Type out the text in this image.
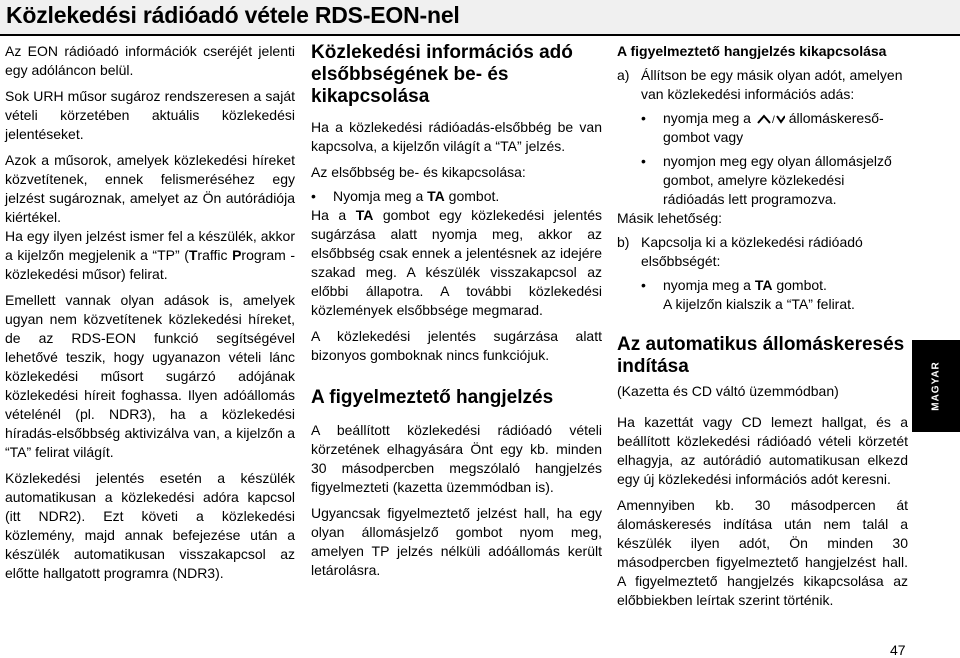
Közlekedési rádióadó vétele RDS-EON-nel

Az EON rádióadó információk cseréjét jelenti egy adóláncon belül.

Sok URH műsor sugároz rendszeresen a saját vételi körzetében aktuális közlekedési jelentéseket.

Azok a műsorok, amelyek közlekedési híreket közvetítenek, ennek felismeréséhez egy jelzést sugároznak, amelyet az Ön autórádiója kiértékel.

Ha egy ilyen jelzést ismer fel a készülék, akkor a kijelzőn megjelenik a “TP” (Traffic Program - közlekedési műsor) felirat.

Emellett vannak olyan adások is, amelyek ugyan nem közvetítenek közlekedési híreket, de az RDS-EON funkció segítségével lehetővé teszik, hogy ugyanazon vételi lánc közlekedési műsort sugárzó adójának közlekedési híreit foghassa. Ilyen adóállomás vételénél (pl. NDR3), ha a közlekedési híradás-elsőbbség aktivizálva van, a kijelzőn a “TA” felirat világít.

Közlekedési jelentés esetén a készülék automatikusan a közlekedési adóra kapcsol (itt NDR2). Ezt követi a közlekedési közlemény, majd annak befejezése után a készülék automatikusan visszakapcsol az előtte hallgatott programra (NDR3).

Közlekedési információs adó elsőbbségének be- és kikapcsolása

Ha a közlekedési rádióadás-elsőbbég be van kapcsolva, a kijelzőn világít a “TA” jelzés.

Az elsőbbség be- és kikapcsolása:

•	Nyomja meg a TA gombot.

Ha a TA gombot egy közlekedési jelentés sugárzása alatt nyomja meg, akkor az elsőbbség csak ennek a jelentésnek az idejére szakad meg. A készülék visszakapcsol az előbbi állapotra. A további közlekedési közlemények elsőbbsége megmarad.

A közlekedési jelentés sugárzása alatt bizonyos gomboknak nincs funkciójuk.

A figyelmeztető hangjelzés

A beállított közlekedési rádióadó vételi körzetének elhagyására Önt egy kb. minden 30 másodpercben megszólaló hangjelzés figyelmezteti (kazetta üzemmódban is).

Ugyancsak figyelmeztető jelzést hall, ha egy olyan állomásjelző gombot nyom meg, amelyen TP jelzés nélküli adóállomás került letárolásra.

A figyelmeztető hangjelzés kikapcsolása
a) Állítson be egy másik olyan adót, amelyen van közlekedési információs adás:
•	nyomja meg a / állomáskereső-gombot vagy
•	nyomjon meg egy olyan állomásjelző gombot, amelyre közlekedési rádióadás lett programozva.

Másik lehetőség:

b) Kapcsolja ki a közlekedési rádióadó elsőbbségét:
•	nyomja meg a TA gombot.
A kijelzőn kialszik a “TA” felirat.
Az automatikus állomáskeresés indítása

(Kazetta és CD váltó üzemmódban)

Ha kazettát vagy CD lemezt hallgat, és a beállított közlekedési rádióadó vételi körzetét elhagyja, az autórádió automatikusan elkezd egy új közlekedési információs adót keresni.

Amennyiben kb. 30 másodpercen át álomáskeresés indítása után nem talál a készülék ilyen adót, Ön minden 30 másodpercben figyelmeztető hangjelzést hall. A figyelmeztető hangjelzés kikapcsolása az előbbiekben leírtak szerint történik.

MAGYAR
47
